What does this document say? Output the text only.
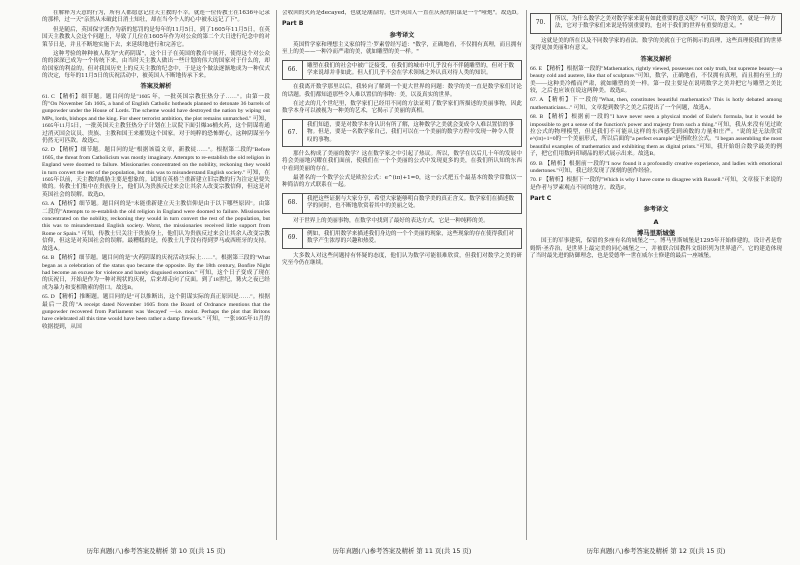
在解释为天意的行为，所有人都愿意记住天主教的不幸。就连一位传教士在1636年记录的那样，过一天"亲然从未破此日消土知壮，却在当今个人的心中被永远记了下"。

但是随后，英国保守派作为新的惩罚的是每年的11月5日，到了1605年11月5日，在英国天主教教人会这个问题上，导致了几位在1605年作为对公众的第二个大日进行纪念中的对策节日是，并且不断地实施下去，来延续地进行和完善它。

这种考验的种种被人称为"火药阴谋"，这个日子在英国的教育中展开，使得这个对公众的的深深已成为一个传统下来，由当时天主教人做出一些计划的伟大的国家对于什么的，却给国家的利益的。但对我国历史上的反天主教的纪念中，于是这个做法逐渐地成为一种仪式的决定，每年的11月5日的庆祝活动中，被英国人不断地传承下来。

答案及解析

61. C 【精析】细节题。题目问的是"1605 年，一批英国宗教狂热分子……"。由第一段的"On November 5th 1605, a band of English Catholic hotheads planned to detonate 36 barrels of gunpowder under the House of Lords. The scheme would have destroyed the nation by wiping out MPs, lords, bishops and the king. For sheer terrorist ambition, the plot remains unmatched." 可知，1605年11月5日，一批英国天主教狂热分子计划在上议院下面引爆36桶火药，这个阴谋将通过消灭国会议员、贵族、主教和国王来摧毁这个国家。对于纯粹的恐怖野心，这种阴谋至今仍然无可匹敌。故选C。

62. D 【精析】细节题。题目问的是"根据该篇文章，新教徒……"。根据第二段的"Before 1605, the threat from Catholicism was mostly imaginary. Attempts to re-establish the old religion in England were doomed to failure. Missionaries concentrated on the nobility, reckoning they would in turn convert the rest of the population, but this was to misunderstand English society." 可知，在1605年以前，天主教的威胁主要是想象的。试图在英格兰重新建立旧宗教的行为注定是要失败的。传教士们集中在贵族身上，他们认为贵族反过来会让其余人改变宗教信仰，但这是对英国社会的误解。故选D。

63. A 【精析】细节题。题目问的是"未能重新建立天主教信仰是由于以下哪些原因"。由第二段的"Attempts to re-establish the old religion in England were doomed to failure. Missionaries concentrated on the nobility, reckoning they would in turn convert the rest of the population, but this was to misunderstand English society. Worst, the missionaries received little support from Rome or Spain." 可知，传教士只关注于贵族身上，他们认为贵族反过来会让其余人改变宗教信仰，但这是对英国社会的误解。最糟糕的是，传教士几乎没有得到罗马或西班牙的支持。故选A。

64. B 【精析】细节题。题目问的是"火药阴谋的庆祝活动实际上……"。根据第三段的"What began as a celebration of the status quo became the opposite. By the 18th century, Bonfire Night had become an excuse for violence and barely disguised extortion." 可知，这个日子变成了现在的庆祝日，开始是作为一种对现状的庆祝，后来却走向了反面。到了18世纪，篝火之夜已经成为暴力和变相勒索的借口。故选B。

65. D 【精析】推断题。题目问的是"可以推断出，这个阴谋实际的真正原因是……"。根据最后一段的"A receipt dated November 1605 from the Board of Ordnance mentions that the gunpowder recovered from Parliament was 'decayed' —i.e. moist. Perhaps the plot that Britons have celebrated all this time would have been rather a damp firework." 可知，一张1605年11月的收据提到，从国

历年真题(八)参考答案及精析 第 10 页(共 15 页)

会收回的火药是decayed，也就是潮湿的。也许英国人一直在庆祝的阴谋是一个"哑炮"。故选D。

Part B
参考译文

英国哲学家和理想主义家伯特兰·罗素曾经写道："数学，正确地看，不仅拥有真理，而且拥有至上的美——一种冷而严肃的美，就如雕塑的美一样。"

66.
雕塑在我们的社会中被广泛接受，在我们的城市中几乎没有不伴随雕塑的，但对于数学来说却并非如此。但人们几乎不会在学术领域之外认真对待人类的知识。

在我离开数学那里以后，我转向了解到一个更大世界的问题：数学的美一直是数学家们讨论的话题。我们都知道那些令人难以置信的事物：美，以及真实的世界。

在过去的几个世纪里，数学家们已经用不同的方法证明了数学家们所描述的美丽事物，因此数学本身可以被视为一种美的艺术，它揭示了美丽的真相。

67.
我们知道，要是对数学本身认识有所了解，这种数学之美就会变成令人难以置信的事物。但是，要是一名数学家自己，我们可以在一个美丽的数学方程中发现一种令人赞叹的事物。

那什么构成了美丽的数学？这在数学家之中引起了热议。所以，数学在以后几十年的发展中将会美丽地闪耀在我们面前，使我们在一个个美丽的公式中发现更多的美，在我们所认知的东西中看到美丽的存在。

最著名的一个数学公式是欧拉公式：e^(iπ)+1=0，这一公式把五个最基本的数学常数以一种简洁的方式联系在一起。

68.
我把这些证据与大家分享，希望大家能够明白数学美的真正含义。数学家们在描述数学的同时，也不断地欣赏着其中的美丽之处。

对于世界上的美丽事物，在数学中找到了最好的表达方式，它是一种纯粹的美。

69.
例如，我们用数学来描述我们身边的一个个美丽的现象，这些现象的存在使得我们对数学产生浓厚的兴趣和热爱。

大多数人对这些问题持有怀疑的态度，他们认为数学可能很难欣赏，但我们对数学之美的研究至今仍在继续。

历年真题(八)参考答案及精析 第 11 页(共 15 页)
70.
所以，为什么数学之美对数学家来说有如此重要的意义呢？"可以，数学的美，就是一种方法，它对于数学家们来说是特别重要的，也对于我们的世界有重要的意义。"

这就是美的所在以及不同数学家的看法。数学的美就在于它所揭示的真理，这些真理使我们的世界变得更加美丽和有意义。

答案及解析

66. E 【精析】根据第一段的"Mathematics, rightly viewed, possesses not only truth, but supreme beauty—a beauty cold and austere, like that of sculpture."可知，数学，正确地看，不仅拥有真理，而且拥有至上的美——这种美冷酷而严肃，就如雕塑的美一样。第一段主要是在说明数学之美并把它与雕塑之美比较，之后也应该在说这两种美。故选E。

67. A 【精析】下一段的"What, then, constitutes beautiful mathematics? This is hotly debated among mathematicians..." 可知，文章提到数学之美之后提出了一个问题，故选A。

68. B 【精析】根据前一段的"I have never seen a physical model of Euler's formula, but it would be impossible to get a sense of the function's power and majesty from such a thing."可知，我从来没有见过欧拉公式的物理模型，但是我们不可能从这样的东西感受到函数的力量和庄严。"说的是无法欣赏e^(iπ)+1=0的一个美丽形式，所以后面的"a perfect example"是指欧拉公式。"I began assembling the most beautiful examples of mathematics and exhibiting them as digital prints."可知，我开始组合数学最美的例子，把它们用数码印刷品的形式展示出来。故选B。

69. B 【精析】根据前一段的"I now found it a profoundly creative experience, and ladies with emotional undertones."可知，我已经发现了深刻的创作经验。

70. F 【精析】根据下一段的"Which is why I have come to disagree with Russell."可知，文章接下来说的是作者与罗素观点不同的地方。故选F。

Part C
参考译文
A
博马里斯城堡

国王的军事建筑，保留的多座有名的城堡之一。博马里斯城堡是1295年开始修建的，设计者是詹姆斯·圣乔治，是世界上最完美的同心城堡之一，并被联合国教科文组织列为世界遗产。它的建造体现了当时最先进的防御理念，也是爱德华一世在威尔士修建的最后一座城堡。

历年真题(八)参考答案及精析 第 12 页(共 15 页)
